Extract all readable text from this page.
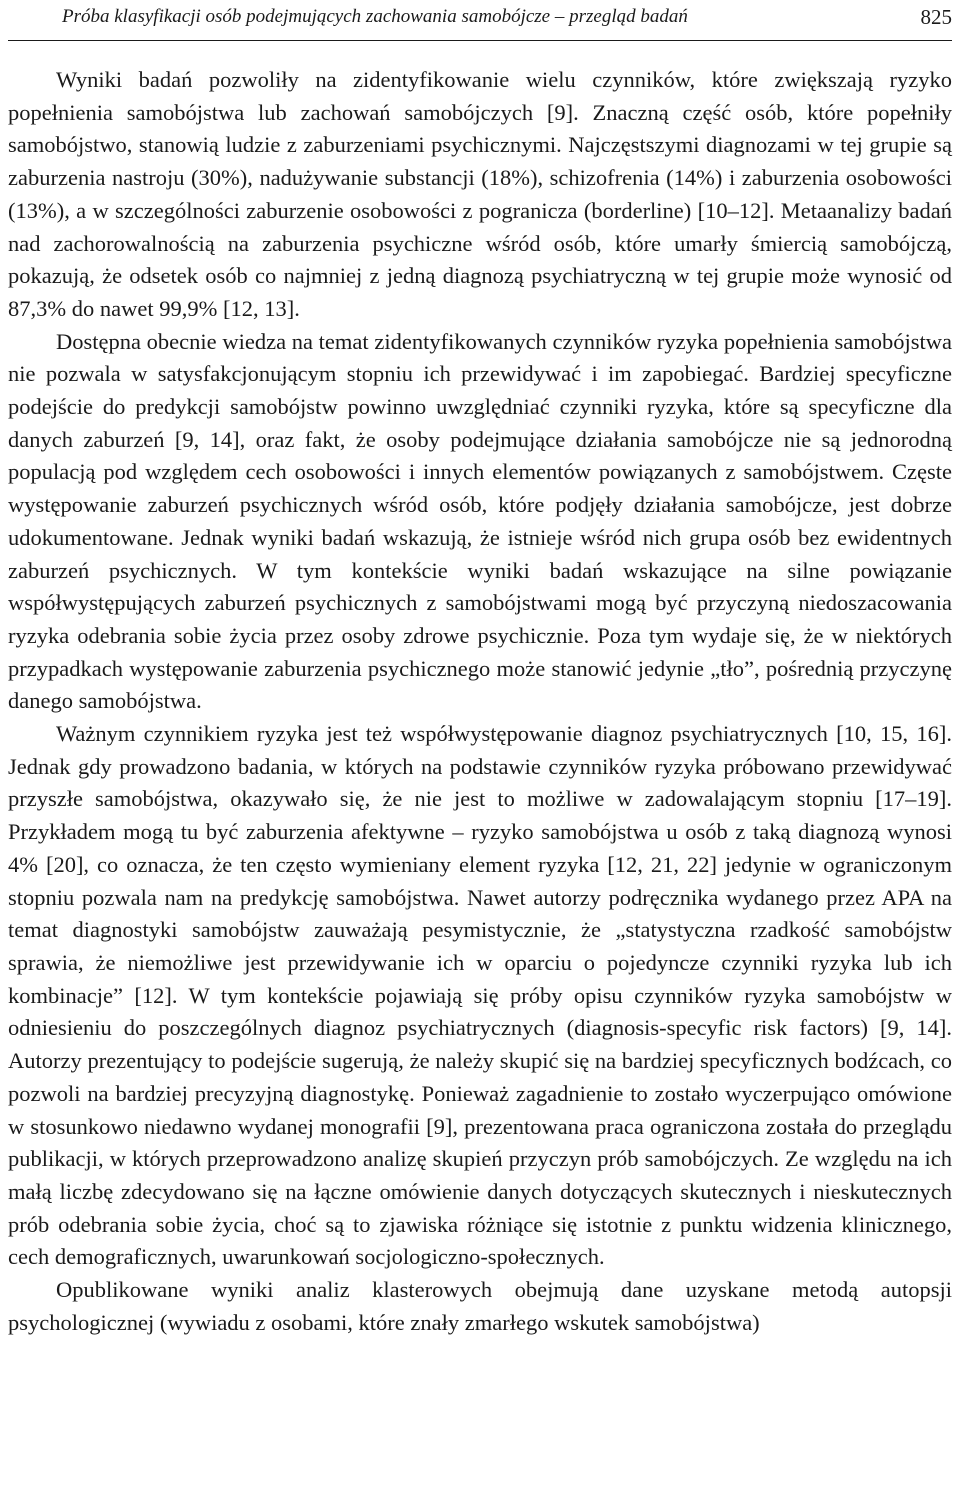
Próba klasyfikacji osób podejmujących zachowania samobójcze – przegląd badań	825

Wyniki badań pozwoliły na zidentyfikowanie wielu czynników, które zwiększają ryzyko popełnienia samobójstwa lub zachowań samobójczych [9]. Znaczną część osób, które popełniły samobójstwo, stanowią ludzie z zaburzeniami psychicznymi. Najczęstszymi diagnozami w tej grupie są zaburzenia nastroju (30%), nadużywanie substancji (18%), schizofrenia (14%) i zaburzenia osobowości (13%), a w szczególności zaburzenie osobowości z pogranicza (borderline) [10–12]. Metaanalizy badań nad zachorowalnością na zaburzenia psychiczne wśród osób, które umarły śmiercią samobójczą, pokazują, że odsetek osób co najmniej z jedną diagnozą psychiatryczną w tej grupie może wynosić od 87,3% do nawet 99,9% [12, 13].

Dostępna obecnie wiedza na temat zidentyfikowanych czynników ryzyka popełnienia samobójstwa nie pozwala w satysfakcjonującym stopniu ich przewidywać i im zapobiegać. Bardziej specyficzne podejście do predykcji samobójstw powinno uwzględniać czynniki ryzyka, które są specyficzne dla danych zaburzeń [9, 14], oraz fakt, że osoby podejmujące działania samobójcze nie są jednorodną populacją pod względem cech osobowości i innych elementów powiązanych z samobójstwem. Częste występowanie zaburzeń psychicznych wśród osób, które podjęły działania samobójcze, jest dobrze udokumentowane. Jednak wyniki badań wskazują, że istnieje wśród nich grupa osób bez ewidentnych zaburzeń psychicznych. W tym kontekście wyniki badań wskazujące na silne powiązanie współwystępujących zaburzeń psychicznych z samobójstwami mogą być przyczyną niedoszacowania ryzyka odebrania sobie życia przez osoby zdrowe psychicznie. Poza tym wydaje się, że w niektórych przypadkach występowanie zaburzenia psychicznego może stanowić jedynie „tło”, pośrednią przyczynę danego samobójstwa.

Ważnym czynnikiem ryzyka jest też współwystępowanie diagnoz psychiatrycznych [10, 15, 16]. Jednak gdy prowadzono badania, w których na podstawie czynników ryzyka próbowano przewidywać przyszłe samobójstwa, okazywało się, że nie jest to możliwe w zadowalającym stopniu [17–19]. Przykładem mogą tu być zaburzenia afektywne – ryzyko samobójstwa u osób z taką diagnozą wynosi 4% [20], co oznacza, że ten często wymieniany element ryzyka [12, 21, 22] jedynie w ograniczonym stopniu pozwala nam na predykcję samobójstwa. Nawet autorzy podręcznika wydanego przez APA na temat diagnostyki samobójstw zauważają pesymistycznie, że „statystyczna rzadkość samobójstw sprawia, że niemożliwe jest przewidywanie ich w oparciu o pojedyncze czynniki ryzyka lub ich kombinacje” [12]. W tym kontekście pojawiają się próby opisu czynników ryzyka samobójstw w odniesieniu do poszczególnych diagnoz psychiatrycznych (diagnosis-specyfic risk factors) [9, 14]. Autorzy prezentujący to podejście sugerują, że należy skupić się na bardziej specyficznych bodźcach, co pozwoli na bardziej precyzyjną diagnostykę. Ponieważ zagadnienie to zostało wyczerpująco omówione w stosunkowo niedawno wydanej monografii [9], prezentowana praca ograniczona została do przeglądu publikacji, w których przeprowadzono analizę skupień przyczyn prób samobójczych. Ze względu na ich małą liczbę zdecydowano się na łączne omówienie danych dotyczących skutecznych i nieskutecznych prób odebrania sobie życia, choć są to zjawiska różniące się istotnie z punktu widzenia klinicznego, cech demograficznych, uwarunkowań socjologiczno-społecznych.

Opublikowane wyniki analiz klasterowych obejmują dane uzyskane metodą autopsji psychologicznej (wywiadu z osobami, które znały zmarłego wskutek samobójstwa)
